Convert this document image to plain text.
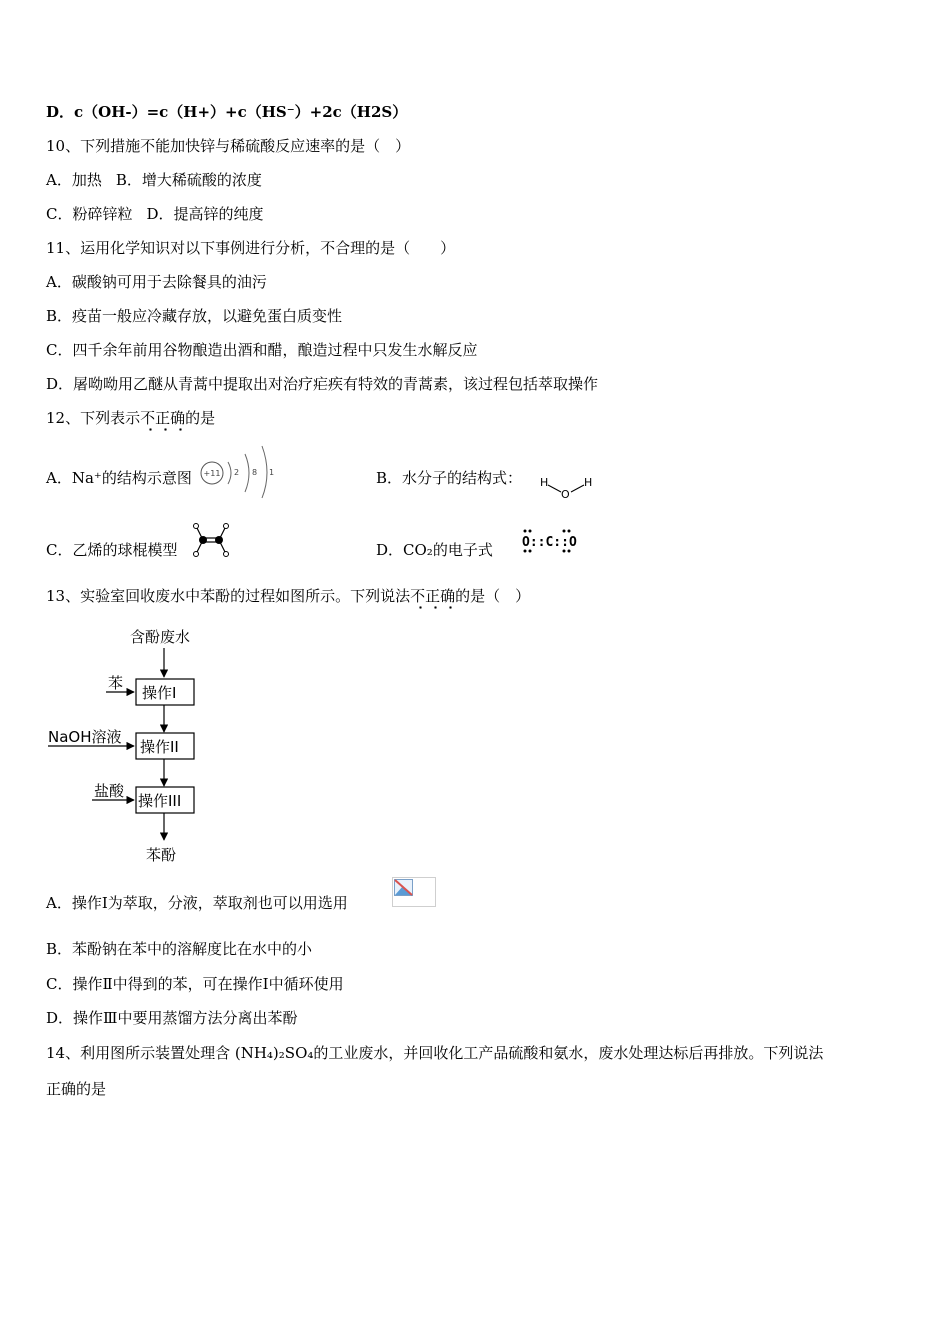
D．c（OH-）=c（H+）+c（HS⁻）+2c（H2S）
10、下列措施不能加快锌与稀硫酸反应速率的是（　）
A．加热 B．增大稀硫酸的浓度
C．粉碎锌粒 D．提高锌的纯度
11、运用化学知识对以下事例进行分析，不合理的是（　　）
A．碳酸钠可用于去除餐具的油污
B．疫苗一般应冷藏存放，以避免蛋白质变性
C．四千余年前用谷物酿造出酒和醋，酿造过程中只发生水解反应
D．屠呦呦用乙醚从青蒿中提取出对治疗疟疾有特效的青蒿素，该过程包括萃取操作
12、下列表示不正确的是
A．Na⁺的结构示意图 +11 2 8 1	B．水分子的结构式： H	H
O
C．乙烯的球棍模型	D．CO₂的电子式 O::C::O
13、实验室回收废水中苯酚的过程如图所示。下列说法不正确的是（　）
含酚废水
操作I
苯
操作II
NaOH溶液
操作III
盐酸
苯酚
A．操作Ⅰ为萃取，分液，萃取剂也可以用选用
B．苯酚钠在苯中的溶解度比在水中的小
C．操作Ⅱ中得到的苯，可在操作Ⅰ中循环使用
D．操作Ⅲ中要用蒸馏方法分离出苯酚
14、利用图所示装置处理含 (NH₄)₂SO₄的工业废水，并回收化工产品硫酸和氨水，废水处理达标后再排放。下列说法
正确的是
